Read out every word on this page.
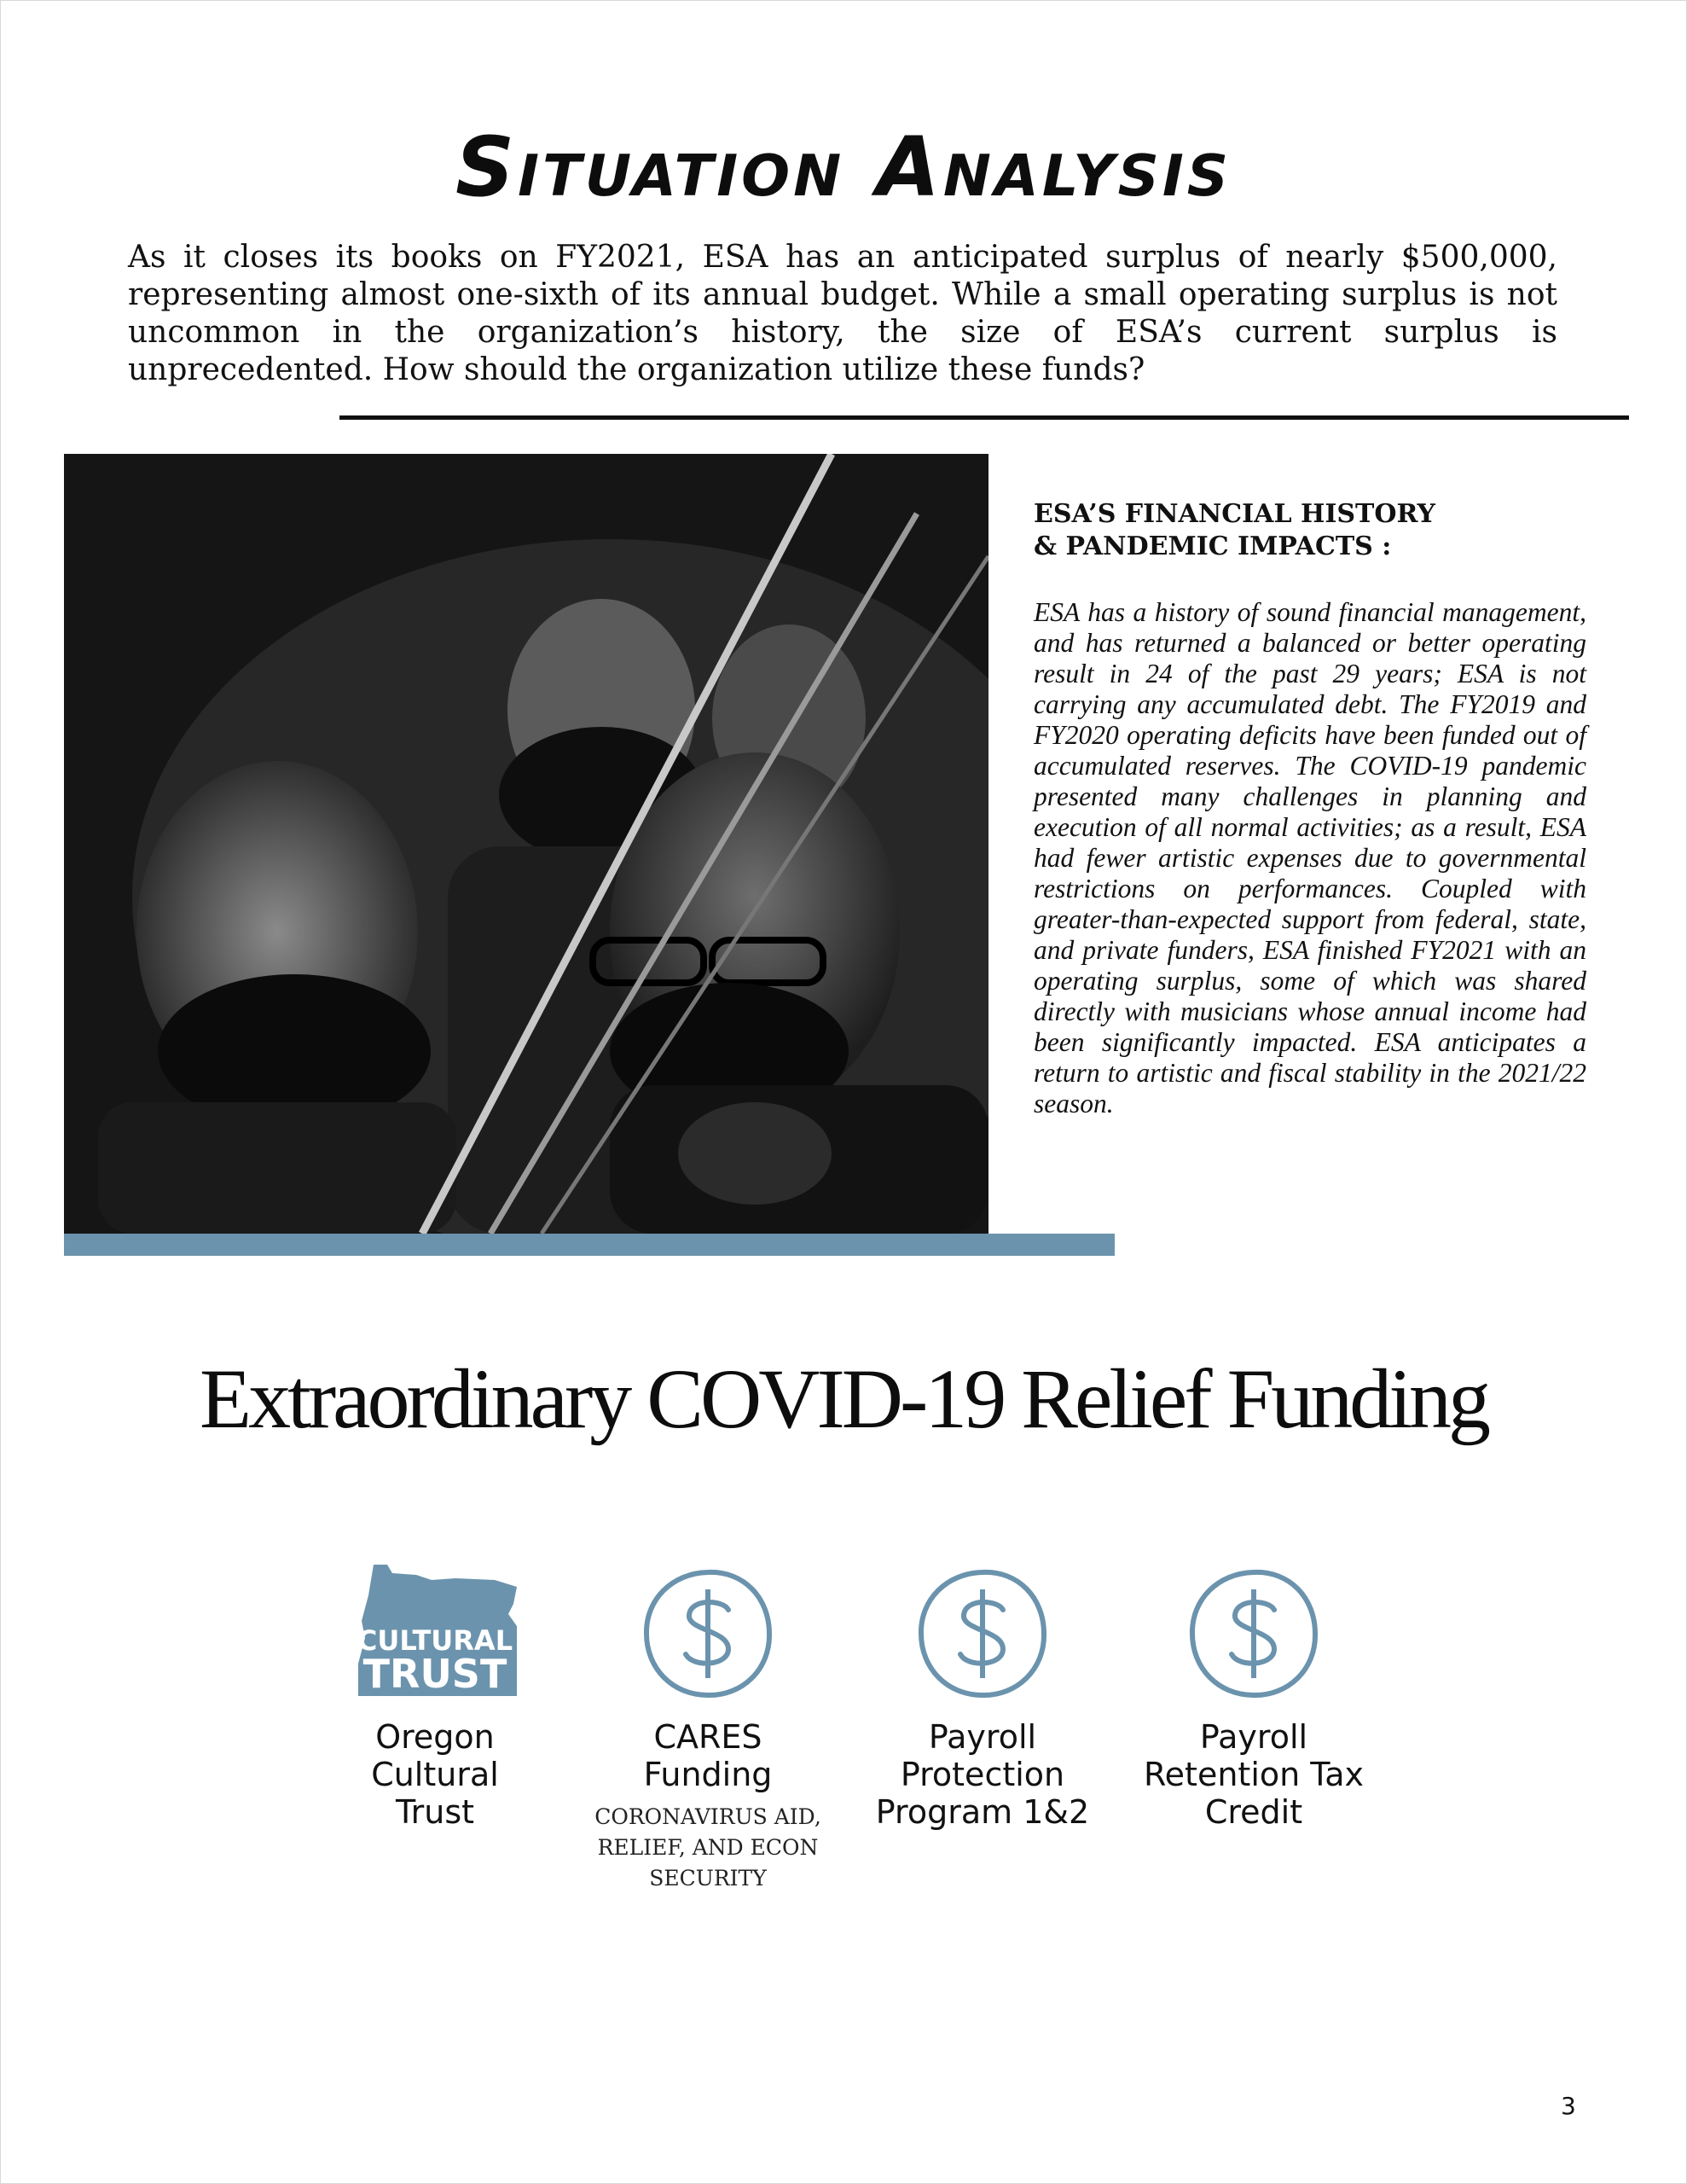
Situation Analysis

As it closes its books on FY2021, ESA has an anticipated surplus of nearly $500,000, representing almost one-sixth of its annual budget. While a small operating surplus is not uncommon in the organization’s history, the size of ESA’s current surplus is unprecedented. How should the organization utilize these funds?

ESA’S FINANCIAL HISTORY
& PANDEMIC IMPACTS :

ESA has a history of sound financial management, and has returned a balanced or better operating result in 24 of the past 29 years; ESA is not carrying any accumulated debt. The FY2019 and FY2020 operating deficits have been funded out of accumulated reserves. The COVID-19 pandemic presented many challenges in planning and execution of all normal activities; as a result, ESA had fewer artistic expenses due to governmental restrictions on performances. Coupled with greater-than-expected support from federal, state, and private funders, ESA finished FY2021 with an operating surplus, some of which was shared directly with musicians whose annual income had been significantly impacted. ESA anticipates a return to artistic and fiscal stability in the 2021/22 season.

Extraordinary COVID-19 Relief Funding
CULTURAL
TRUST
Oregon
Cultural
Trust
CARES
Funding
CORONAVIRUS AID,
RELIEF, AND ECON
SECURITY
Payroll
Protection
Program 1&2
Payroll
Retention Tax
Credit
3
